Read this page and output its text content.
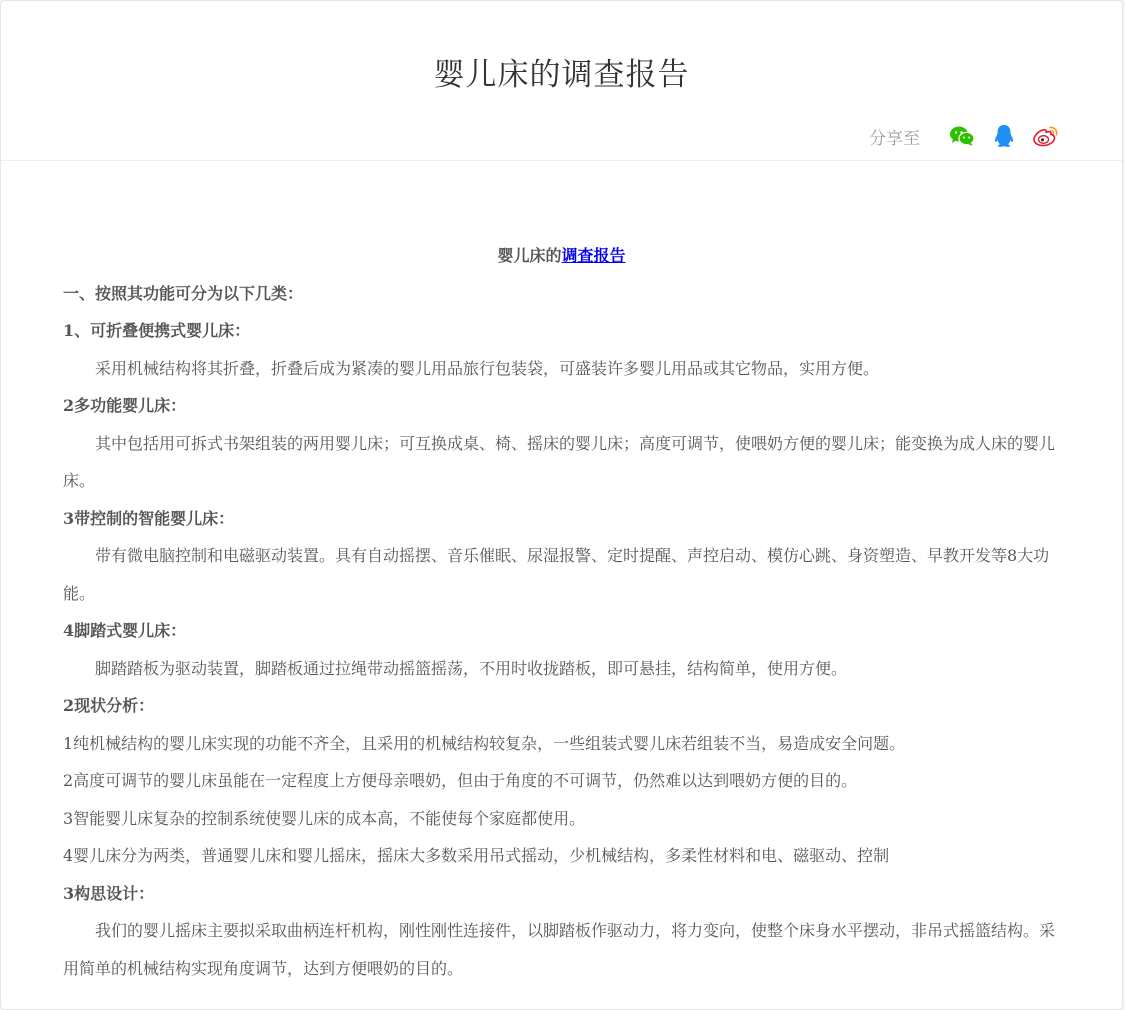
婴儿床的调查报告
分享至

婴儿床的调查报告

一、按照其功能可分为以下几类：

1、可折叠便携式婴儿床：

采用机械结构将其折叠，折叠后成为紧凑的婴儿用品旅行包装袋，可盛装许多婴儿用品或其它物品，实用方便。

2多功能婴儿床：

其中包括用可拆式书架组装的两用婴儿床；可互换成桌、椅、摇床的婴儿床；高度可调节，使喂奶方便的婴儿床；能变换为成人床的婴儿床。

3带控制的智能婴儿床：

带有微电脑控制和电磁驱动装置。具有自动摇摆、音乐催眠、尿湿报警、定时提醒、声控启动、模仿心跳、身资塑造、早教开发等8大功能。

4脚踏式婴儿床：

脚踏踏板为驱动装置，脚踏板通过拉绳带动摇篮摇荡，不用时收拢踏板，即可悬挂，结构简单，使用方便。

2现状分析：

1纯机械结构的婴儿床实现的功能不齐全，且采用的机械结构较复杂，一些组装式婴儿床若组装不当，易造成安全问题。

2高度可调节的婴儿床虽能在一定程度上方便母亲喂奶，但由于角度的不可调节，仍然难以达到喂奶方便的目的。

3智能婴儿床复杂的控制系统使婴儿床的成本高，不能使每个家庭都使用。

4婴儿床分为两类，普通婴儿床和婴儿摇床，摇床大多数采用吊式摇动，少机械结构，多柔性材料和电、磁驱动、控制

3构思设计：

我们的婴儿摇床主要拟采取曲柄连杆机构，刚性刚性连接件，以脚踏板作驱动力，将力变向，使整个床身水平摆动，非吊式摇篮结构。采用简单的机械结构实现角度调节，达到方便喂奶的目的。
